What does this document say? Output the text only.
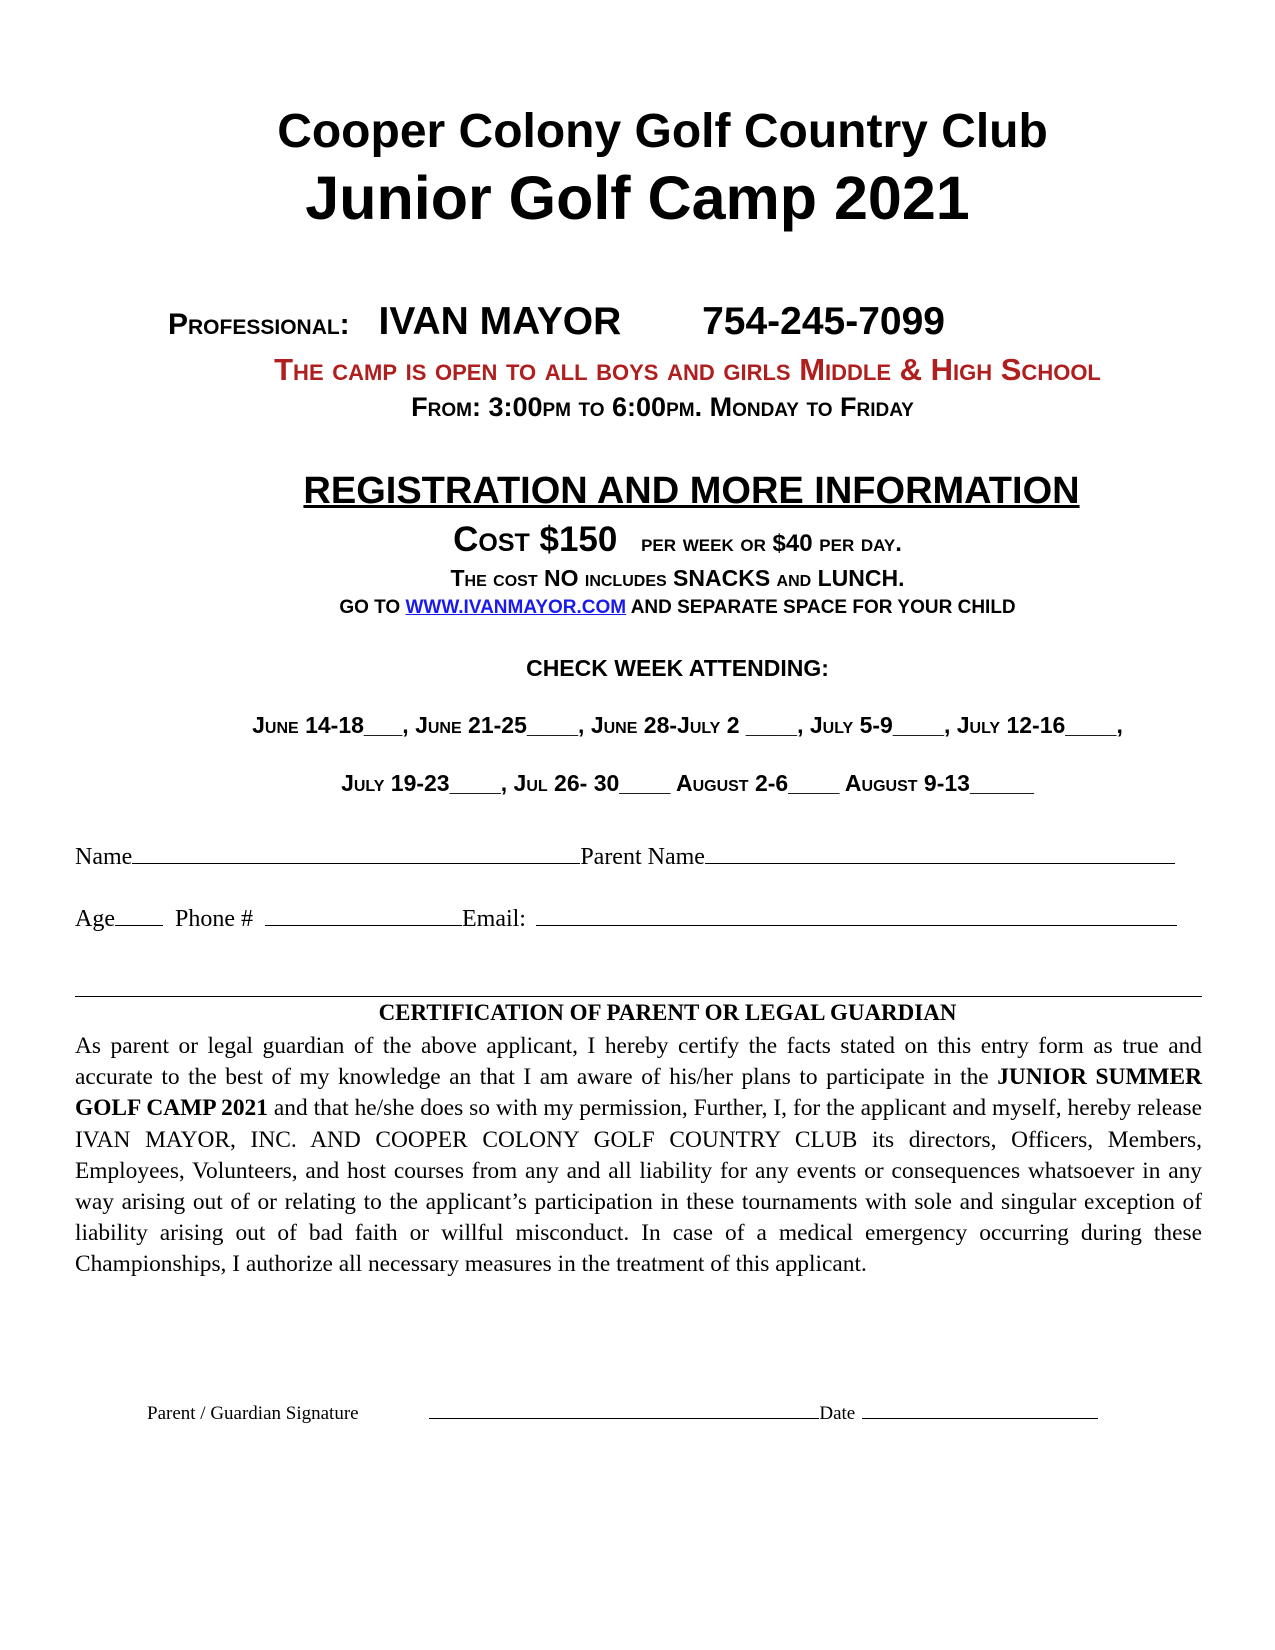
Cooper Colony Golf Country Club
Junior Golf Camp 2021
Professional: IVAN MAYOR 754-245-7099
The camp is open to all boys and girls Middle & High School
From: 3:00pm to 6:00pm. Monday to Friday
REGISTRATION AND MORE INFORMATION
Cost $150 per week or $40 per day.
The cost NO includes SNACKS and LUNCH.
GO TO WWW.IVANMAYOR.COM AND SEPARATE SPACE FOR YOUR CHILD
CHECK WEEK ATTENDING:
June 14-18___, June 21-25____, June 28-July 2 ____, July 5-9____, July 12-16____,
July 19-23____, Jul 26- 30____ August 2-6____ August 9-13_____
Name	Parent Name
Age	Phone #	Email:
CERTIFICATION OF PARENT OR LEGAL GUARDIAN
As parent or legal guardian of the above applicant, I hereby certify the facts stated on this entry form as true and accurate to the best of my knowledge an that I am aware of his/her plans to participate in the JUNIOR SUMMER GOLF CAMP 2021 and that he/she does so with my permission, Further, I, for the applicant and myself, hereby release IVAN MAYOR, INC. AND COOPER COLONY GOLF COUNTRY CLUB its directors, Officers, Members, Employees, Volunteers, and host courses from any and all liability for any events or consequences whatsoever in any way arising out of or relating to the applicant’s participation in these tournaments with sole and singular exception of liability arising out of bad faith or willful misconduct. In case of a medical emergency occurring during these Championships, I authorize all necessary measures in the treatment of this applicant.
Parent / Guardian Signature	Date
